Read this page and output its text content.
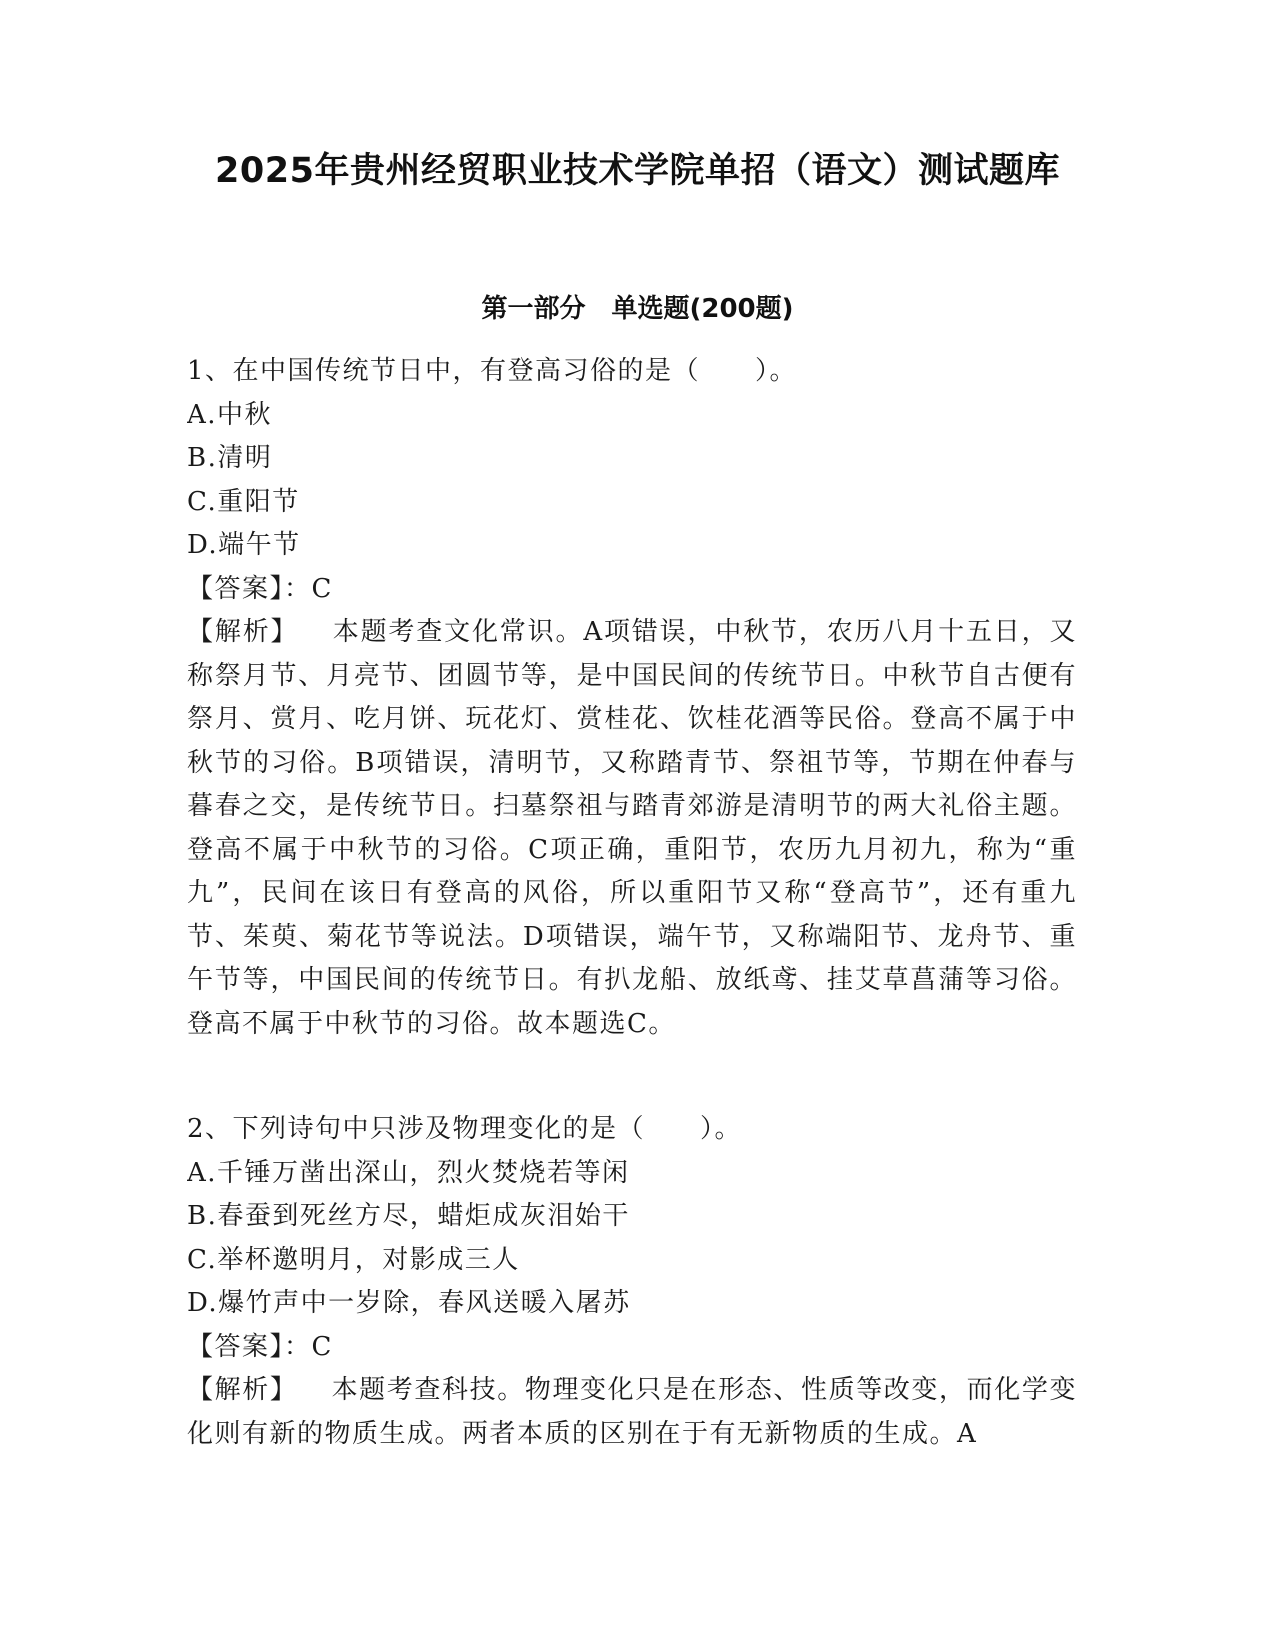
2025年贵州经贸职业技术学院单招（语文）测试题库
第一部分　单选题(200题)
1、在中国传统节日中，有登高习俗的是（　　）。
A.中秋
B.清明
C.重阳节
D.端午节
【答案】：C
【解析】 本题考查文化常识。A项错误，中秋节，农历八月十五日，又称祭月节、月亮节、团圆节等，是中国民间的传统节日。中秋节自古便有祭月、赏月、吃月饼、玩花灯、赏桂花、饮桂花酒等民俗。登高不属于中秋节的习俗。B项错误，清明节，又称踏青节、祭祖节等，节期在仲春与暮春之交，是传统节日。扫墓祭祖与踏青郊游是清明节的两大礼俗主题。登高不属于中秋节的习俗。C项正确，重阳节，农历九月初九，称为“重九”，民间在该日有登高的风俗，所以重阳节又称“登高节”，还有重九节、茱萸、菊花节等说法。D项错误，端午节，又称端阳节、龙舟节、重午节等，中国民间的传统节日。有扒龙船、放纸鸢、挂艾草菖蒲等习俗。登高不属于中秋节的习俗。故本题选C。
2、下列诗句中只涉及物理变化的是（　　）。
A.千锤万凿出深山，烈火焚烧若等闲
B.春蚕到死丝方尽，蜡炬成灰泪始干
C.举杯邀明月，对影成三人
D.爆竹声中一岁除，春风送暖入屠苏
【答案】：C
【解析】 本题考查科技。物理变化只是在形态、性质等改变，而化学变化则有新的物质生成。两者本质的区别在于有无新物质的生成。A
